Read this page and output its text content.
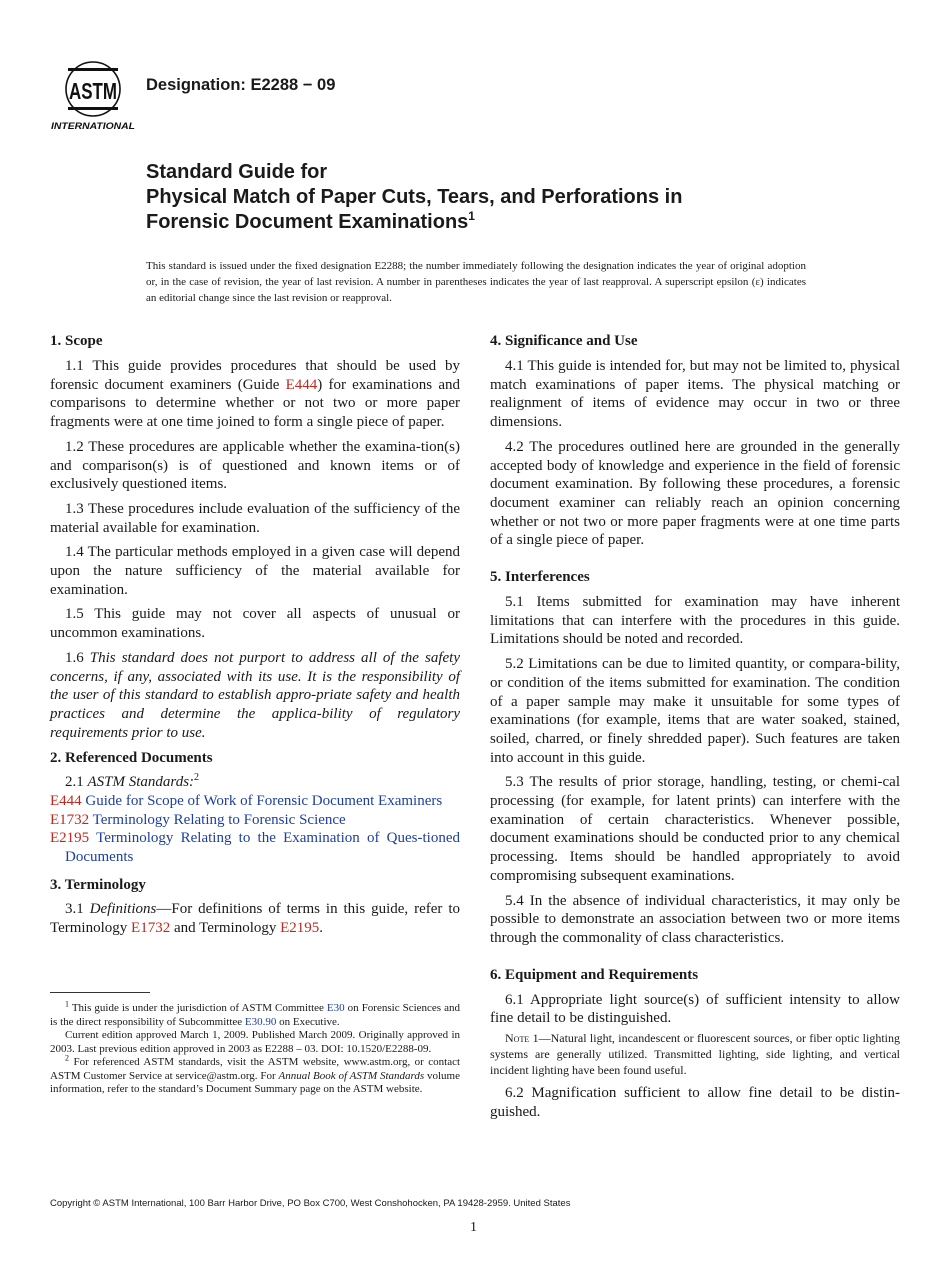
ASTM
INTERNATIONAL
Designation: E2288 − 09
Standard Guide for
Physical Match of Paper Cuts, Tears, and Perforations in
Forensic Document Examinations$^1$
This standard is issued under the fixed designation E2288; the number immediately following the designation indicates the year of original adoption or, in the case of revision, the year of last revision. A number in parentheses indicates the year of last reapproval. A superscript epsilon (ε) indicates an editorial change since the last revision or reapproval.
1. Scope

1.1 This guide provides procedures that should be used by forensic document examiners (Guide E444) for examinations and comparisons to determine whether or not two or more paper fragments were at one time joined to form a single piece of paper.

1.2 These procedures are applicable whether the examina-tion(s) and comparison(s) is of questioned and known items or of exclusively questioned items.

1.3 These procedures include evaluation of the sufficiency of the material available for examination.

1.4 The particular methods employed in a given case will depend upon the nature sufficiency of the material available for examination.

1.5 This guide may not cover all aspects of unusual or uncommon examinations.

1.6 This standard does not purport to address all of the safety concerns, if any, associated with its use. It is the responsibility of the user of this standard to establish appro-priate safety and health practices and determine the applica-bility of regulatory requirements prior to use.

2. Referenced Documents

2.1 ASTM Standards:$^2$

E444 Guide for Scope of Work of Forensic Document Examiners

E1732 Terminology Relating to Forensic Science

E2195 Terminology Relating to the Examination of Ques-tioned Documents

3. Terminology

3.1 Definitions—For definitions of terms in this guide, refer to Terminology E1732 and Terminology E2195.

$^1$ This guide is under the jurisdiction of ASTM Committee E30 on Forensic Sciences and is the direct responsibility of Subcommittee E30.90 on Executive.

Current edition approved March 1, 2009. Published March 2009. Originally approved in 2003. Last previous edition approved in 2003 as E2288 – 03. DOI: 10.1520/E2288-09.

$^2$ For referenced ASTM standards, visit the ASTM website, www.astm.org, or contact ASTM Customer Service at service@astm.org. For Annual Book of ASTM Standards volume information, refer to the standard’s Document Summary page on the ASTM website.

4. Significance and Use

4.1 This guide is intended for, but may not be limited to, physical match examinations of paper items. The physical matching or realignment of items of evidence may occur in two or three dimensions.

4.2 The procedures outlined here are grounded in the generally accepted body of knowledge and experience in the field of forensic document examination. By following these procedures, a forensic document examiner can reliably reach an opinion concerning whether or not two or more paper fragments were at one time parts of a single piece of paper.

5. Interferences

5.1 Items submitted for examination may have inherent limitations that can interfere with the procedures in this guide. Limitations should be noted and recorded.

5.2 Limitations can be due to limited quantity, or compara-bility, or condition of the items submitted for examination. The condition of a paper sample may make it unsuitable for some types of examinations (for example, items that are water soaked, stained, soiled, charred, or finely shredded paper). Such features are taken into account in this guide.

5.3 The results of prior storage, handling, testing, or chemi-cal processing (for example, for latent prints) can interfere with the examination of certain characteristics. Whenever possible, document examinations should be conducted prior to any chemical processing. Items should be handled appropriately to avoid compromising subsequent examinations.

5.4 In the absence of individual characteristics, it may only be possible to demonstrate an association between two or more items through the commonality of class characteristics.

6. Equipment and Requirements

6.1 Appropriate light source(s) of sufficient intensity to allow fine detail to be distinguished.

Note 1—Natural light, incandescent or fluorescent sources, or fiber optic lighting systems are generally utilized. Transmitted lighting, side lighting, and vertical incident lighting have been found useful.

6.2 Magnification sufficient to allow fine detail to be distin-guished.

Copyright © ASTM International, 100 Barr Harbor Drive, PO Box C700, West Conshohocken, PA 19428-2959. United States
1
